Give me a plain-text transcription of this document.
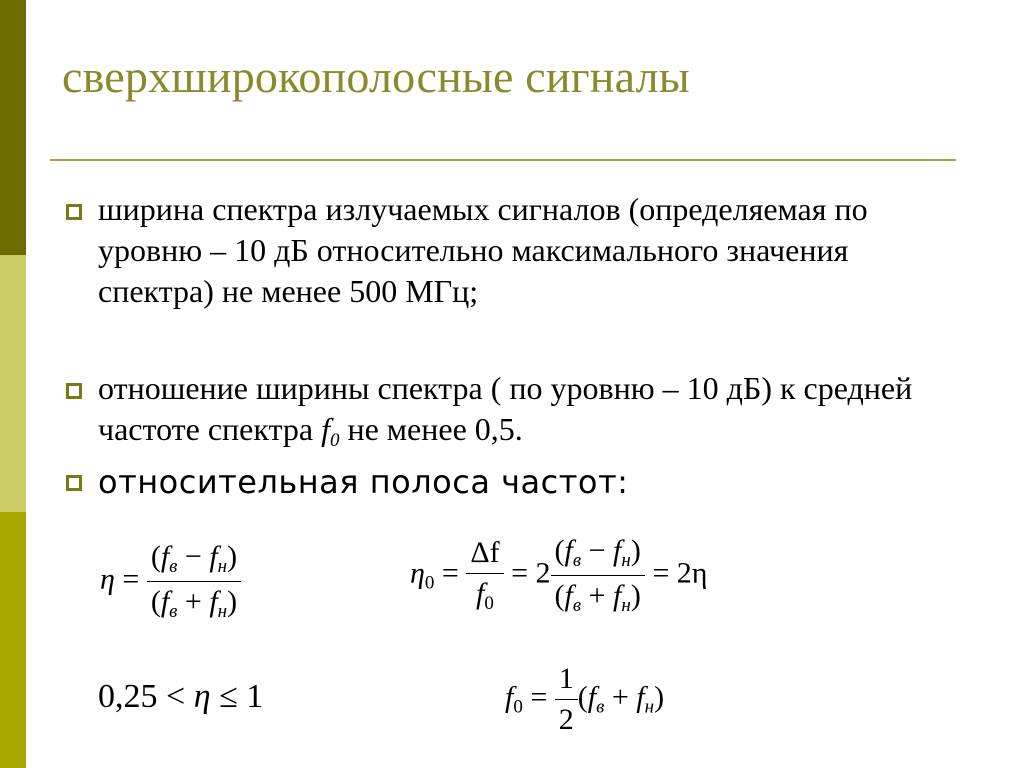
сверхширокополосные сигналы
ширина спектра излучаемых сигналов (определяемая по уровню – 10 дБ относительно максимального значения спектра) не менее 500 МГц;
отношение ширины спектра ( по уровню – 10 дБ) к средней частоте спектра $f_0$ не менее 0,5.
относительная полоса частот:
$\eta = \frac{(f_в - f_н)}{(f_в + f_н)}$	$\eta_0 = \frac{\Delta f}{f_0} = 2 \frac{(f_в - f_н)}{(f_в + f_н)} = 2\eta$
0,25 < η ≤ 1	$f_0 = \frac{1}{2} (f_в + f_н)$
